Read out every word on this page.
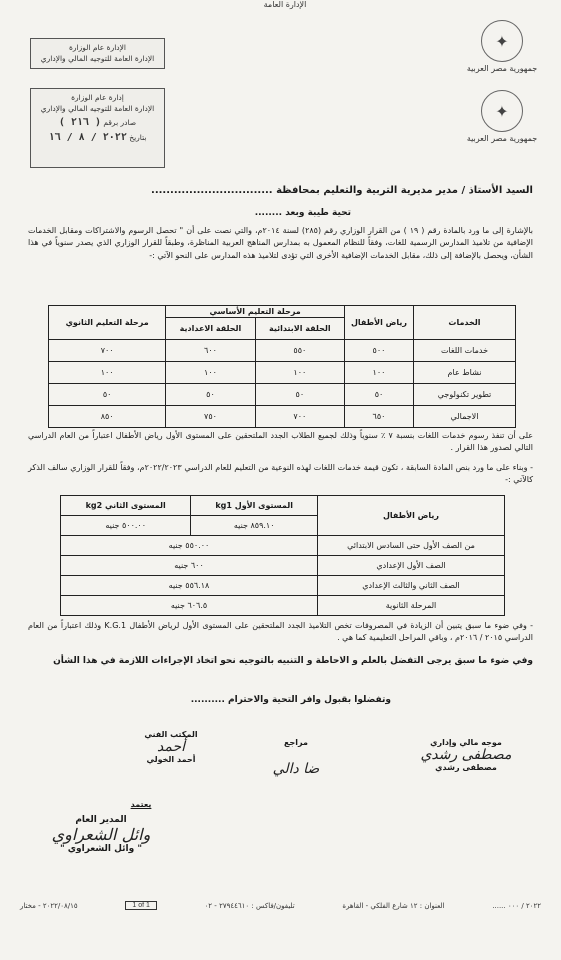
الإدارة العامة
✦
جمهورية مصر العربية
✦
جمهورية مصر العربية
الإدارة عام الوزارة
الإدارة العامة للتوجيه المالي والإداري
إدارة عام الوزارة
الإدارة العامة للتوجيه المالي والإداري
صادر برقم ( ٢١٦ )
بتاريخ ٢٠٢٢ / ٨ / ١٦
السيد الأستاذ / مدير مديرية التربية والتعليم بمحافظة ................................
تحية طيبة وبعد ........
بالإشارة إلى ما ورد بالمادة رقم ( ١٩ ) من القرار الوزاري رقم (٢٨٥) لسنة ٢٠١٤م، والتي نصت على أن " تحصل الرسوم والاشتراكات ومقابل الخدمات الإضافية من تلاميذ المدارس الرسمية للغات، وفقاً للنظام المعمول به بمدارس المناهج العربية المناظرة، وطبقاً للقرار الوزاري الذي يصدر سنوياً في هذا الشأن، ويحصل بالإضافة إلى ذلك، مقابل الخدمات الإضافية الأخرى التي تؤدى لتلاميذ هذه المدارس على النحو الآتي :-
الخدمات	رياض الأطفال	مرحلة التعليم الأساسي		مرحلة التعليم الثانوي
		الحلقة الابتدائية	الحلقة الاعدادية	
خدمات اللغات	٥٠٠	٥٥٠	٦٠٠	٧٠٠
نشاط عام	١٠٠	١٠٠	١٠٠	١٠٠
تطوير تكنولوجي	٥٠	٥٠	٥٠	٥٠
الاجمالي	٦٥٠	٧٠٠	٧٥٠	٨٥٠
على أن تنفذ رسوم خدمات اللغات بنسبة ٧ ٪ سنوياً وذلك لجميع الطلاب الجدد الملتحقين على المستوى الأول رياض الأطفال اعتباراً من العام الدراسي التالي لصدور هذا القرار .
- وبناء على ما ورد بنص المادة السابقة ، تكون قيمة خدمات اللغات لهذه النوعية من التعليم للعام الدراسي ٢٠٢٢/٢٠٢٣م، وفقاً للقرار الوزاري سالف الذكر كالآتي :-
رياض الأطفال	المستوى الأول kg1	المستوى الثاني kg2
	٨٥٩.١٠ جنيه	٥٠٠.٠٠ جنيه
من الصف الأول حتى السادس الابتدائي	٥٥٠.٠٠ جنيه	
الصف الأول الإعدادي	٦٠٠ جنيه	
الصف الثاني والثالث الإعدادي	٥٥٦.١٨ جنيه	
المرحلة الثانوية	٦٠٦.٥ جنيه	
- وفي ضوء ما سبق يتبين أن الزيادة في المصروفات تخص التلاميذ الجدد الملتحقين على المستوى الأول لرياض الأطفال K.G.1 وذلك اعتباراً من العام الدراسي ٢٠١٥ / ٢٠١٦م ، وباقي المراحل التعليمية كما هي .
وفي ضوء ما سبق يرجى التفضل بالعلم و الاحاطة و التنبيه بالتوجيه نحو اتخاذ الإجراءات اللازمة في هذا الشأن
وتفضلوا بقبول وافر التحية والاحترام ..........
موجه مالي وإداري
مصطفى رشدي
مصطفى رشدي
مراجع
ضا دالي
المكتب الفني
أحمد
أحمد الخولي
يعتمد
المدير العام
وائل الشعراوي
" وائل الشعراوي "
٢٠٢٢ / ٠٠٠ ......
العنوان : ١٢ شارع الفلكي - القاهرة
تليفون/فاكس : ٢٧٩٤٤٦١٠ - ٠٢
1 of 1
٢٠٢٢/٠٨/١٥ - مختار
